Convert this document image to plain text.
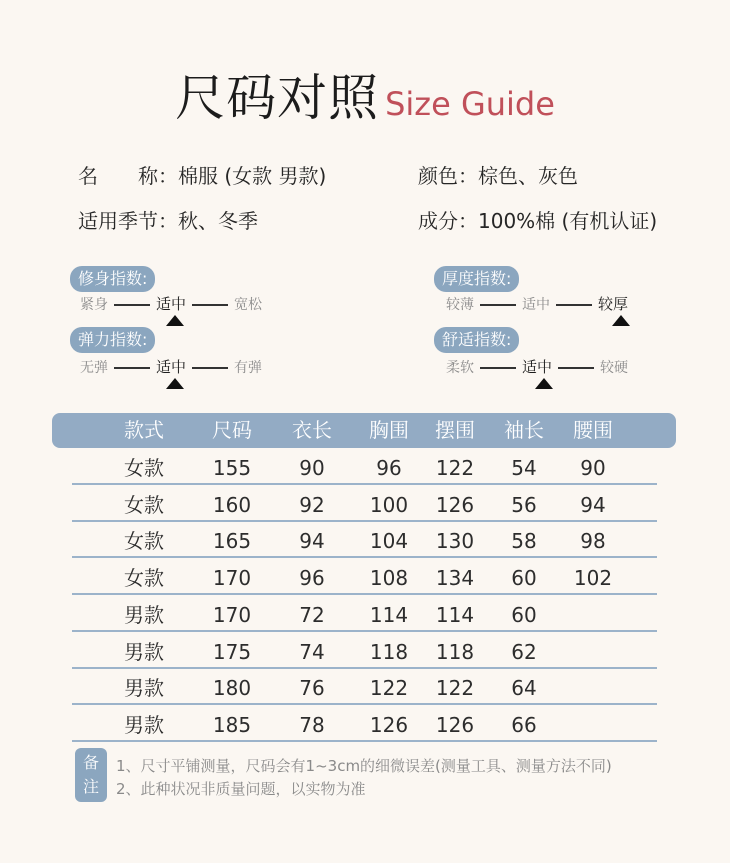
尺码对照 Size Guide
名　　称：棉服 (女款 男款)	颜色：棕色、灰色
适用季节：秋、冬季	成分：100%棉 (有机认证)
修身指数:
紧身	适中	宽松
弹力指数:
无弹	适中	有弹
厚度指数:
较薄	适中	较厚
舒适指数:
柔软	适中	较硬
款式	尺码	衣长	胸围	摆围	袖长	腰围
女款	155	90	96	122	54	90
女款	160	92	100	126	56	94
女款	165	94	104	130	58	98
女款	170	96	108	134	60	102
男款	170	72	114	114	60
男款	175	74	118	118	62
男款	180	76	122	122	64
男款	185	78	126	126	66
备
注
1、尺寸平铺测量，尺码会有1~3cm的细微误差(测量工具、测量方法不同)
2、此种状况非质量问题，以实物为准
